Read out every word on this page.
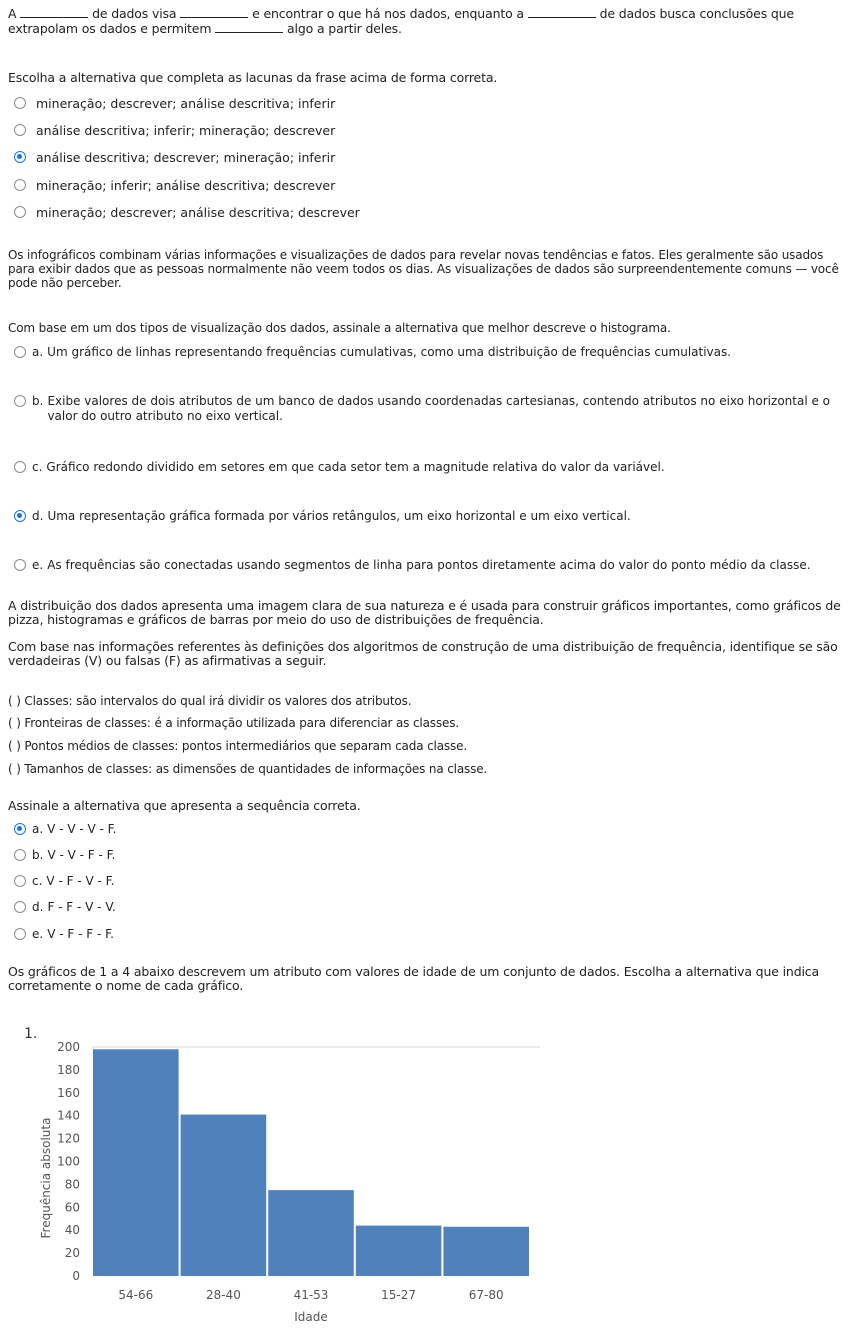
A	de dados visa	e encontrar o que há nos dados, enquanto a	de dados busca conclusões que extrapolam os dados e permitem	algo a partir deles.

Escolha a alternativa que completa as lacunas da frase acima de forma correta.

mineração; descrever; análise descritiva; inferir
análise descritiva; inferir; mineração; descrever
análise descritiva; descrever; mineração; inferir
mineração; inferir; análise descritiva; descrever
mineração; descrever; análise descritiva; descrever

Os infográficos combinam várias informações e visualizações de dados para revelar novas tendências e fatos. Eles geralmente são usados para exibir dados que as pessoas normalmente não veem todos os dias. As visualizações de dados são surpreendentemente comuns — você pode não perceber.

Com base em um dos tipos de visualização dos dados, assinale a alternativa que melhor descreve o histograma.

a. Um gráfico de linhas representando frequências cumulativas, como uma distribuição de frequências cumulativas.
b. Exibe valores de dois atributos de um banco de dados usando coordenadas cartesianas, contendo atributos no eixo horizontal e o valor do outro atributo no eixo vertical.
c. Gráfico redondo dividido em setores em que cada setor tem a magnitude relativa do valor da variável.
d. Uma representação gráfica formada por vários retângulos, um eixo horizontal e um eixo vertical.
e. As frequências são conectadas usando segmentos de linha para pontos diretamente acima do valor do ponto médio da classe.

A distribuição dos dados apresenta uma imagem clara de sua natureza e é usada para construir gráficos importantes, como gráficos de pizza, histogramas e gráficos de barras por meio do uso de distribuições de frequência.

Com base nas informações referentes às definições dos algoritmos de construção de uma distribuição de frequência, identifique se são verdadeiras (V) ou falsas (F) as afirmativas a seguir.

( ) Classes: são intervalos do qual irá dividir os valores dos atributos.

( ) Fronteiras de classes: é a informação utilizada para diferenciar as classes.

( ) Pontos médios de classes: pontos intermediários que separam cada classe.

( ) Tamanhos de classes: as dimensões de quantidades de informações na classe.

Assinale a alternativa que apresenta a sequência correta.

a. V - V - V - F.
b. V - V - F - F.
c. V - F - V - F.
d. F - F - V - V.
e. V - F - F - F.

Os gráficos de 1 a 4 abaixo descrevem um atributo com valores de idade de um conjunto de dados. Escolha a alternativa que indica corretamente o nome de cada gráfico.

1.
0
20
40
60
80
100
120
140
160
180
200
54-66	28-40	41-53	15-27	67-80
Idade
Frequência absoluta
